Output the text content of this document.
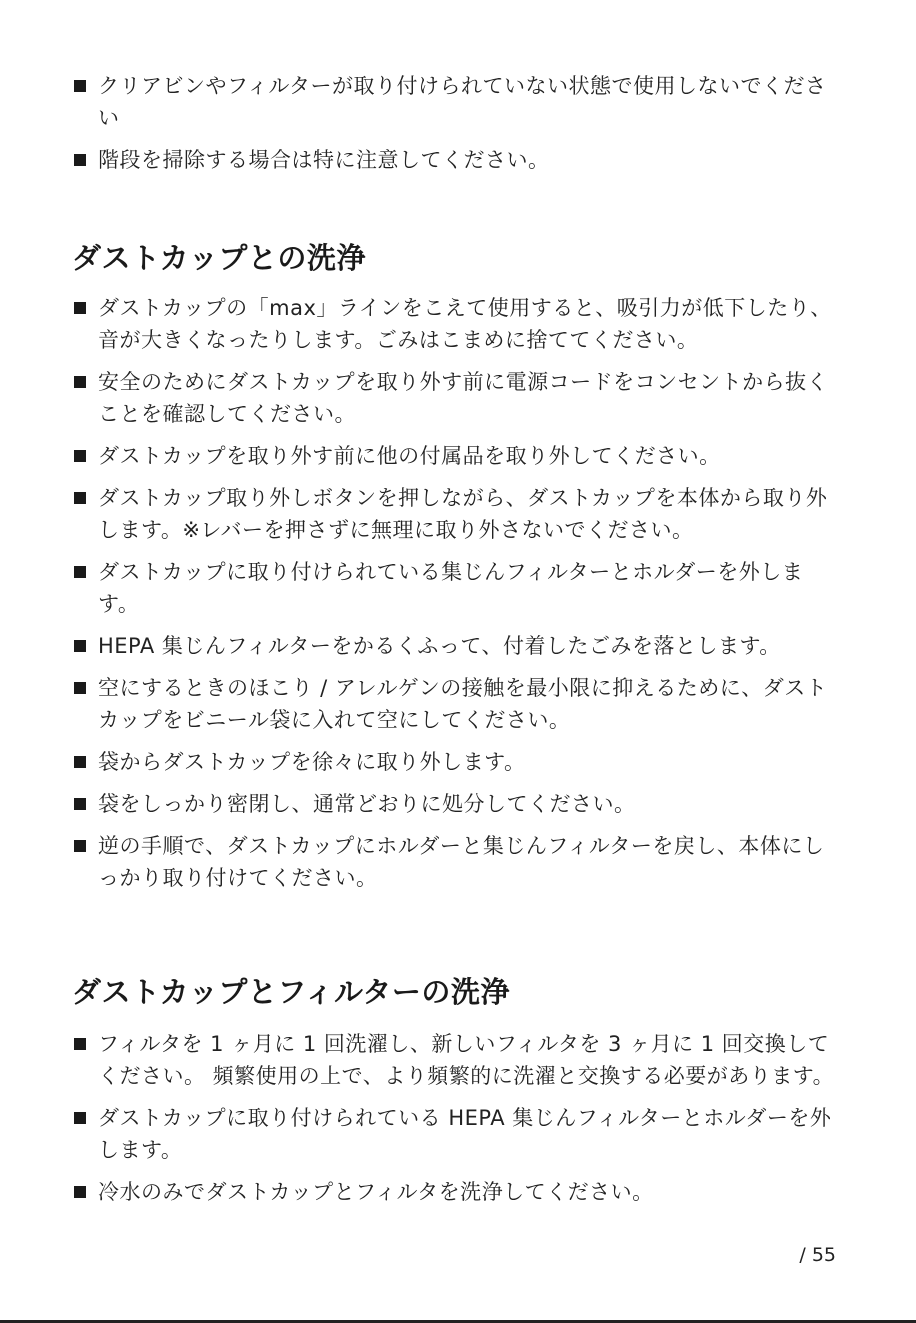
クリアビンやフィルターが取り付けられていない状態で使用しないでください
階段を掃除する場合は特に注意してください。
ダストカップとの洗浄
ダストカップの「max」ラインをこえて使用すると、吸引力が低下したり、音が大きくなったりします。ごみはこまめに捨ててください。
安全のためにダストカップを取り外す前に電源コードをコンセントから抜くことを確認してください。
ダストカップを取り外す前に他の付属品を取り外してください。
ダストカップ取り外しボタンを押しながら、ダストカップを本体から取り外します。※レバーを押さずに無理に取り外さないでください。
ダストカップに取り付けられている集じんフィルターとホルダーを外します。
HEPA 集じんフィルターをかるくふって、付着したごみを落とします。
空にするときのほこり / アレルゲンの接触を最小限に抑えるために、ダストカップをビニール袋に入れて空にしてください。
袋からダストカップを徐々に取り外します。
袋をしっかり密閉し、通常どおりに処分してください。
逆の手順で、ダストカップにホルダーと集じんフィルターを戻し、本体にしっかり取り付けてください。
ダストカップとフィルターの洗浄
フィルタを 1 ヶ月に 1 回洗濯し、新しいフィルタを 3 ヶ月に 1 回交換してください。 頻繁使用の上で、より頻繁的に洗濯と交換する必要があります。
ダストカップに取り付けられている HEPA 集じんフィルターとホルダーを外します。
冷水のみでダストカップとフィルタを洗浄してください。
/ 55
